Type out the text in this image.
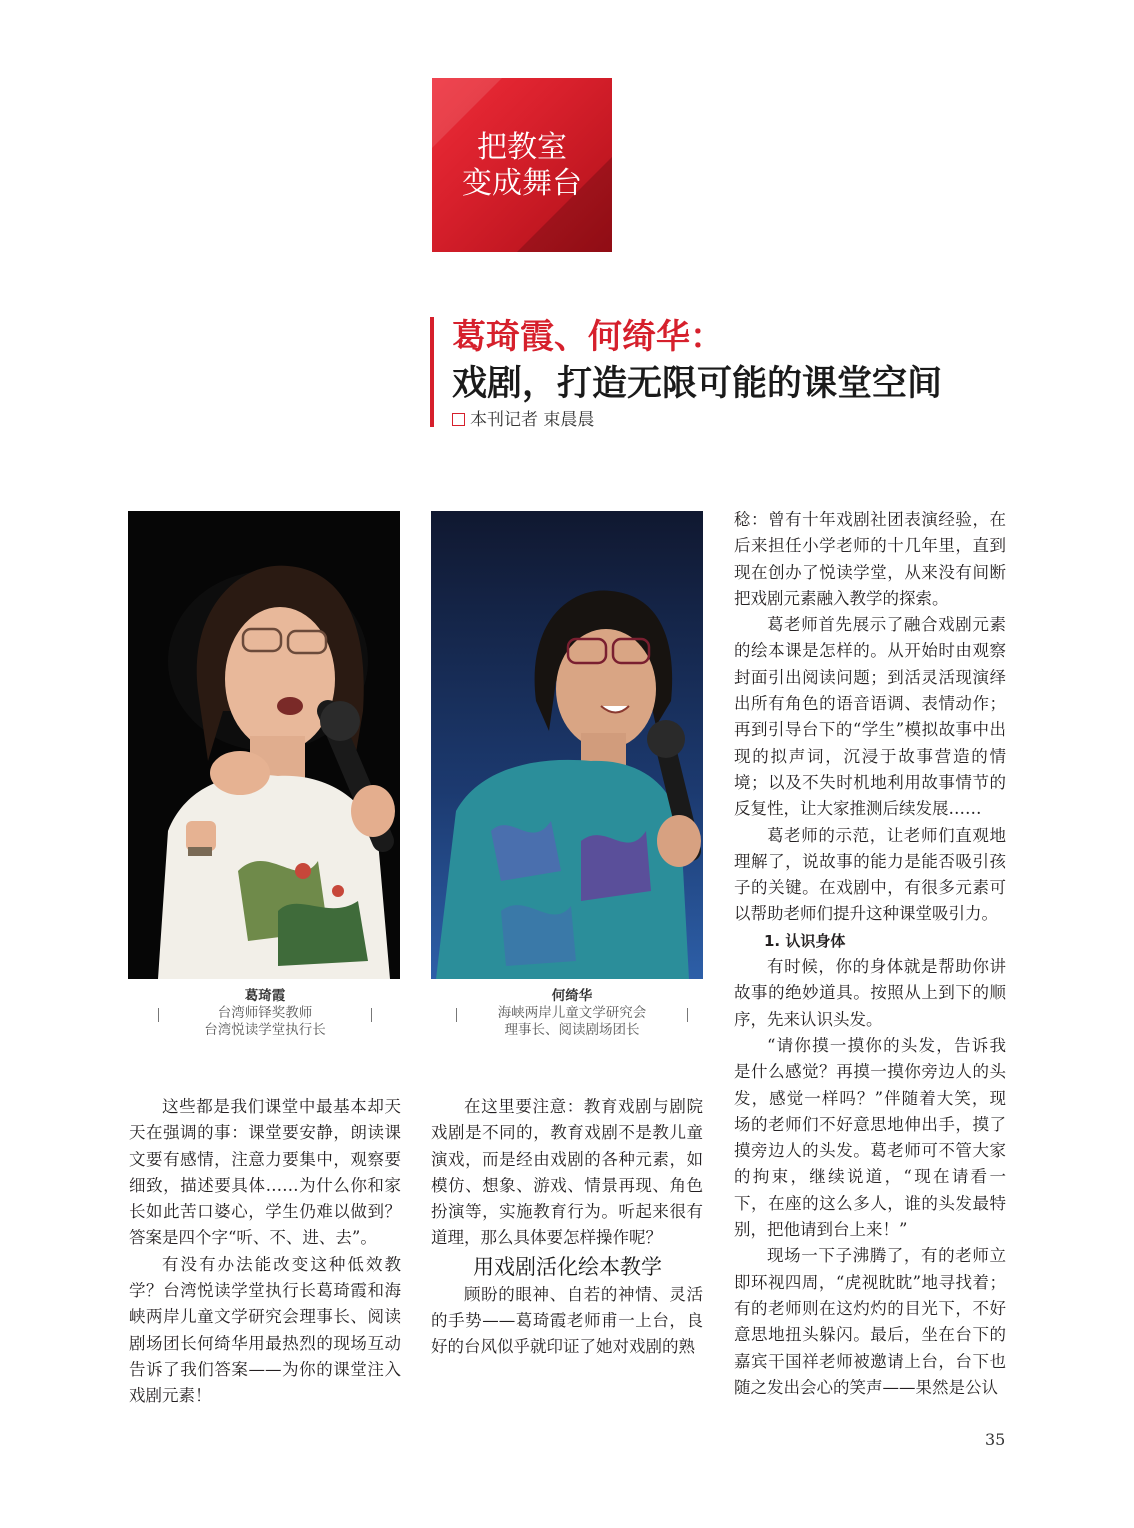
把教室
变成舞台
葛琦霞、何绮华：
戏剧，打造无限可能的课堂空间
本刊记者 束晨晨
葛琦霞
台湾师铎奖教师
台湾悦读学堂执行长
何绮华
海峡两岸儿童文学研究会
理事长、阅读剧场团长

这些都是我们课堂中最基本却天天在强调的事：课堂要安静，朗读课文要有感情，注意力要集中，观察要细致，描述要具体……为什么你和家长如此苦口婆心，学生仍难以做到？答案是四个字“听、不、进、去”。

有没有办法能改变这种低效教学？台湾悦读学堂执行长葛琦霞和海峡两岸儿童文学研究会理事长、阅读剧场团长何绮华用最热烈的现场互动告诉了我们答案——为你的课堂注入戏剧元素！

在这里要注意：教育戏剧与剧院戏剧是不同的，教育戏剧不是教儿童演戏，而是经由戏剧的各种元素，如模仿、想象、游戏、情景再现、角色扮演等，实施教育行为。听起来很有道理，那么具体要怎样操作呢？

用戏剧活化绘本教学

顾盼的眼神、自若的神情、灵活的手势——葛琦霞老师甫一上台，良好的台风似乎就印证了她对戏剧的熟

稔：曾有十年戏剧社团表演经验，在后来担任小学老师的十几年里，直到现在创办了悦读学堂，从来没有间断把戏剧元素融入教学的探索。

葛老师首先展示了融合戏剧元素的绘本课是怎样的。从开始时由观察封面引出阅读问题；到活灵活现演绎出所有角色的语音语调、表情动作；再到引导台下的“学生”模拟故事中出现的拟声词，沉浸于故事营造的情境；以及不失时机地利用故事情节的反复性，让大家推测后续发展……

葛老师的示范，让老师们直观地理解了，说故事的能力是能否吸引孩子的关键。在戏剧中，有很多元素可以帮助老师们提升这种课堂吸引力。

1. 认识身体

有时候，你的身体就是帮助你讲故事的绝妙道具。按照从上到下的顺序，先来认识头发。

“请你摸一摸你的头发，告诉我是什么感觉？再摸一摸你旁边人的头发，感觉一样吗？”伴随着大笑，现场的老师们不好意思地伸出手，摸了摸旁边人的头发。葛老师可不管大家的拘束，继续说道，“现在请看一下，在座的这么多人，谁的头发最特别，把他请到台上来！”

现场一下子沸腾了，有的老师立即环视四周，“虎视眈眈”地寻找着；有的老师则在这灼灼的目光下，不好意思地扭头躲闪。最后，坐在台下的嘉宾干国祥老师被邀请上台，台下也随之发出会心的笑声——果然是公认

35
